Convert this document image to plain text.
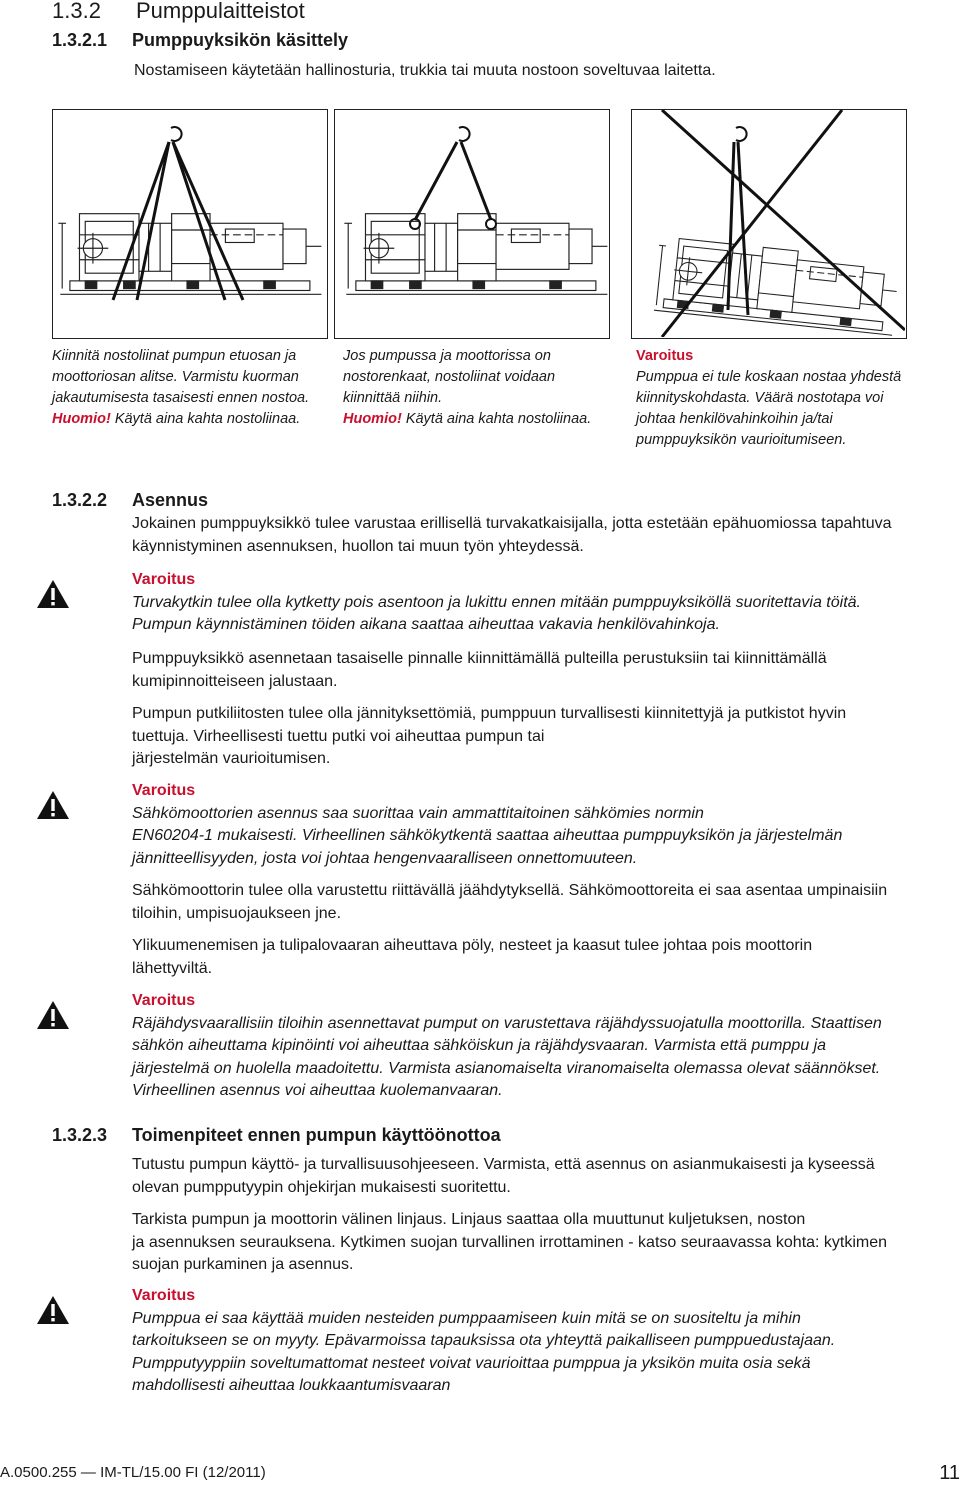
1.3.2 Pumppulaitteistot
1.3.2.1 Pumppuyksikön käsittely
Nostamiseen käytetään hallinosturia, trukkia tai muuta nostoon soveltuvaa laitetta.
Kiinnitä nostoliinat pumpun etuosan ja moottoriosan alitse. Varmistu kuorman jakautumisesta tasaisesti ennen nostoa.
Huomio! Käytä aina kahta nostoliinaa.
Jos pumpussa ja moottorissa on nostorenkaat, nostoliinat voidaan kiinnittää niihin.
Huomio! Käytä aina kahta nostoliinaa.
Varoitus
Pumppua ei tule koskaan nostaa yhdestä kiinnityskohdasta. Väärä nostotapa voi johtaa henkilövahinkoihin ja/tai pumppuyksikön vaurioitumiseen.
1.3.2.2 Asennus

Jokainen pumppuyksikkö tulee varustaa erillisellä turvakatkaisijalla, jotta estetään epähuomiossa tapahtuva käynnistyminen asennuksen, huollon tai muun työn yhteydessä.

Varoitus

Turvakytkin tulee olla kytketty pois asentoon ja lukittu ennen mitään pumppuyksiköllä suoritettavia töitä. Pumpun käynnistäminen töiden aikana saattaa aiheuttaa vakavia henkilövahinkoja.

Pumppuyksikkö asennetaan tasaiselle pinnalle kiinnittämällä pulteilla perustuksiin tai kiinnittämällä kumipinnoitteiseen jalustaan.

Pumpun putkiliitosten tulee olla jännityksettömiä, pumppuun turvallisesti kiinnitettyjä ja putkistot hyvin tuettuja. Virheellisesti tuettu putki voi aiheuttaa pumpun tai

järjestelmän vaurioitumisen.

Varoitus

Sähkömoottorien asennus saa suorittaa vain ammattitaitoinen sähkömies normin

EN60204-1 mukaisesti. Virheellinen sähkökytkentä saattaa aiheuttaa pumppuyksikön ja järjestelmän jännitteellisyyden, josta voi johtaa hengenvaaralliseen onnettomuuteen.

Sähkömoottorin tulee olla varustettu riittävällä jäähdytyksellä. Sähkömoottoreita ei saa asentaa umpinaisiin tiloihin, umpisuojaukseen jne.

Ylikuumenemisen ja tulipalovaaran aiheuttava pöly, nesteet ja kaasut tulee johtaa pois moottorin lähettyviltä.

Varoitus

Räjähdysvaarallisiin tiloihin asennettavat pumput on varustettava räjähdyssuojatulla moottorilla. Staattisen sähkön aiheuttama kipinöinti voi aiheuttaa sähköiskun ja räjähdysvaaran. Varmista että pumppu ja järjestelmä on huolella maadoitettu. Varmista asianomaiselta viranomaiselta olemassa olevat säännökset. Virheellinen asennus voi aiheuttaa kuolemanvaaran.

1.3.2.3 Toimenpiteet ennen pumpun käyttöönottoa

Tutustu pumpun käyttö- ja turvallisuusohjeeseen. Varmista, että asennus on asianmukaisesti ja kyseessä olevan pumpputyypin ohjekirjan mukaisesti suoritettu.

Tarkista pumpun ja moottorin välinen linjaus. Linjaus saattaa olla muuttunut kuljetuksen, noston

ja asennuksen seurauksena. Kytkimen suojan turvallinen irrottaminen - katso seuraavassa kohta: kytkimen suojan purkaminen ja asennus.

Varoitus

Pumppua ei saa käyttää muiden nesteiden pumppaamiseen kuin mitä se on suositeltu ja mihin tarkoitukseen se on myyty. Epävarmoissa tapauksissa ota yhteyttä paikalliseen pumppuedustajaan. Pumpputyyppiin soveltumattomat nesteet voivat vaurioittaa pumppua ja yksikön muita osia sekä mahdollisesti aiheuttaa loukkaantumisvaaran

A.0500.255 — IM-TL/15.00 FI (12/2011)	11
